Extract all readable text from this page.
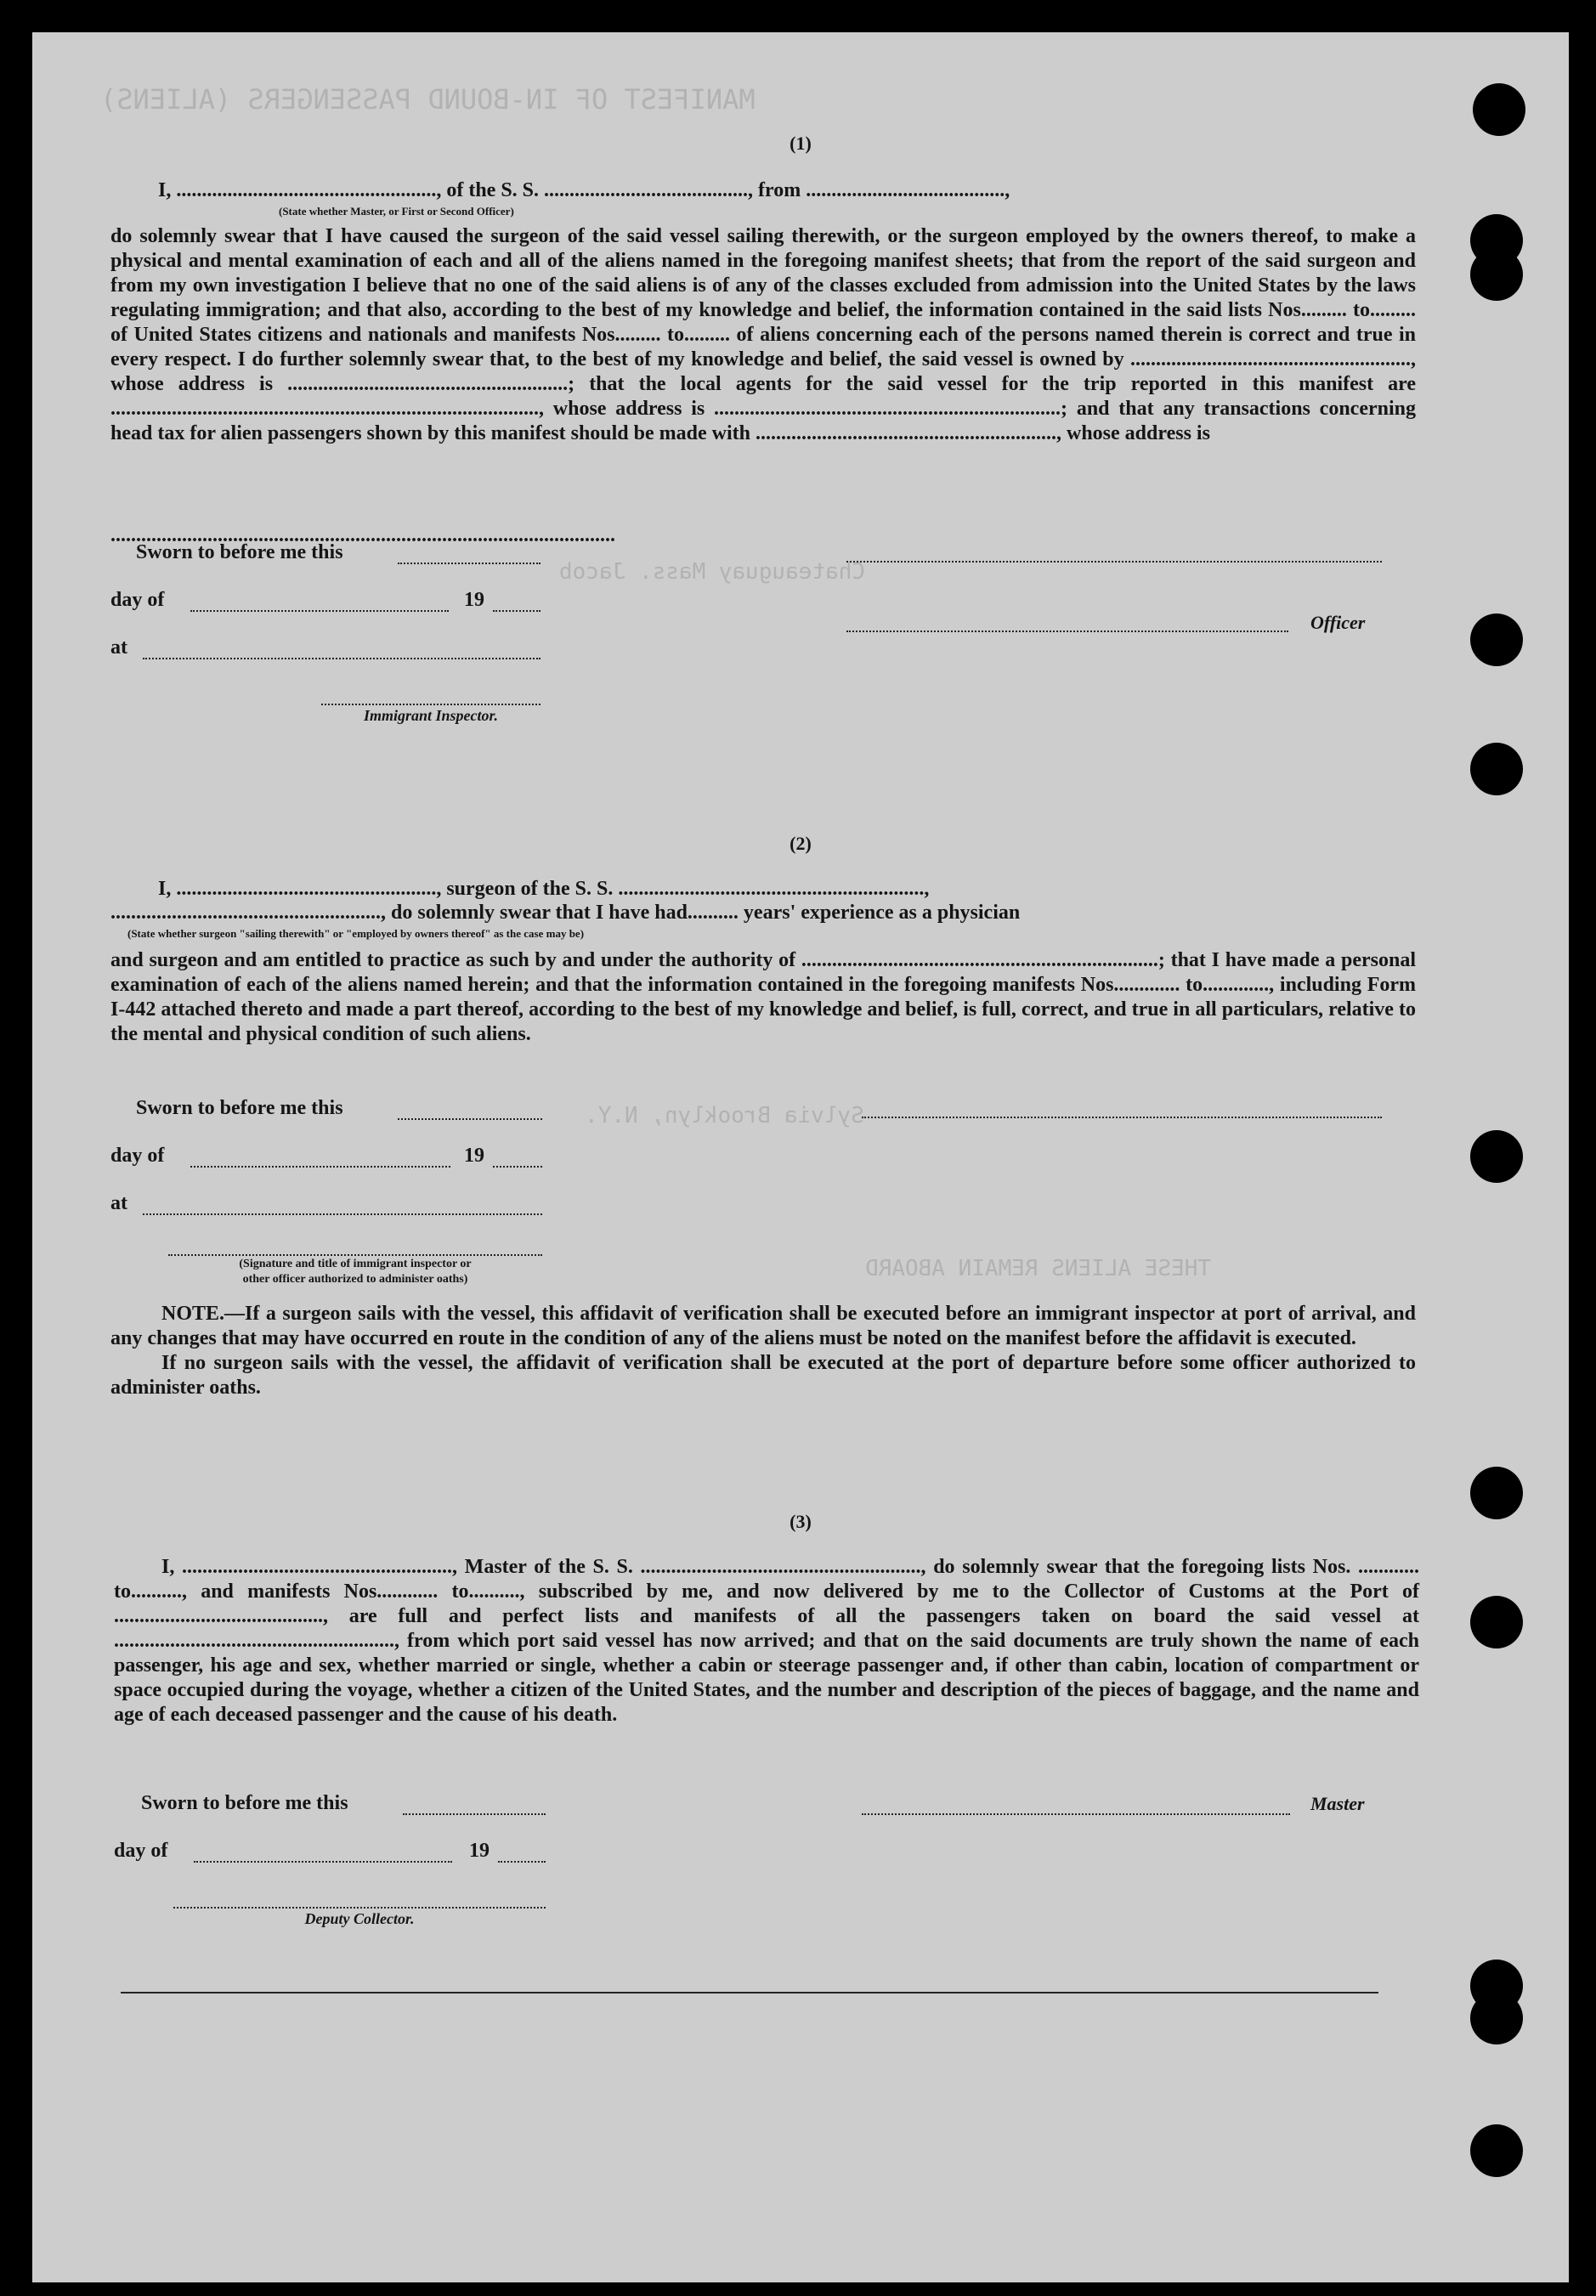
MANIFEST OF IN-BOUND PASSENGERS (ALIENS)
Chateauguay Mass. Jacob
Sylvia Brooklyn, N.Y.
THESE ALIENS REMAIN ABOARD
(1)
I, ..................................................., of the S. S. ........................................, from .......................................,
(State whether Master, or First or Second Officer)

do solemnly swear that I have caused the surgeon of the said vessel sailing therewith, or the surgeon employed by the owners thereof, to make a physical and mental examination of each and all of the aliens named in the foregoing manifest sheets; that from the report of the said surgeon and from my own investigation I believe that no one of the said aliens is of any of the classes excluded from admission into the United States by the laws regulating immigration; and that also, according to the best of my knowledge and belief, the information contained in the said lists Nos......... to......... of United States citizens and nationals and manifests Nos......... to......... of aliens concerning each of the persons named therein is correct and true in every respect. I do further solemnly swear that, to the best of my knowledge and belief, the said vessel is owned by ......................................................., whose address is .......................................................; that the local agents for the said vessel for the trip reported in this manifest are ...................................................................................., whose address is ....................................................................; and that any transactions concerning head tax for alien passengers shown by this manifest should be made with ..........................................................., whose address is

...................................................................................................
Sworn to before me this
day of	19
Officer
at
Immigrant Inspector.
(2)
I, ..................................................., surgeon of the S. S. ............................................................,
....................................................., do solemnly swear that I have had.......... years' experience as a physician
(State whether surgeon "sailing therewith" or "employed by owners thereof" as the case may be)

and surgeon and am entitled to practice as such by and under the authority of ......................................................................; that I have made a personal examination of each of the aliens named herein; and that the information contained in the foregoing manifests Nos............. to............., including Form I-442 attached thereto and made a part thereof, according to the best of my knowledge and belief, is full, correct, and true in all particulars, relative to the mental and physical condition of such aliens.

Sworn to before me this
day of	19
at
(Signature and title of immigrant inspector or
other officer authorized to administer oaths)

NOTE.—If a surgeon sails with the vessel, this affidavit of verification shall be executed before an immigrant inspector at port of arrival, and any changes that may have occurred en route in the condition of any of the aliens must be noted on the manifest before the affidavit is executed.

If no surgeon sails with the vessel, the affidavit of verification shall be executed at the port of departure before some officer authorized to administer oaths.

(3)

I, ....................................................., Master of the S. S. ......................................................., do solemnly swear that the foregoing lists Nos. ............ to.........., and manifests Nos............ to.........., subscribed by me, and now delivered by me to the Collector of Customs at the Port of ........................................., are full and perfect lists and manifests of all the passengers taken on board the said vessel at ......................................................., from which port said vessel has now arrived; and that on the said documents are truly shown the name of each passenger, his age and sex, whether married or single, whether a cabin or steerage passenger and, if other than cabin, location of compartment or space occupied during the voyage, whether a citizen of the United States, and the number and description of the pieces of baggage, and the name and age of each deceased passenger and the cause of his death.

Sworn to before me this	Master
day of	19
Deputy Collector.
